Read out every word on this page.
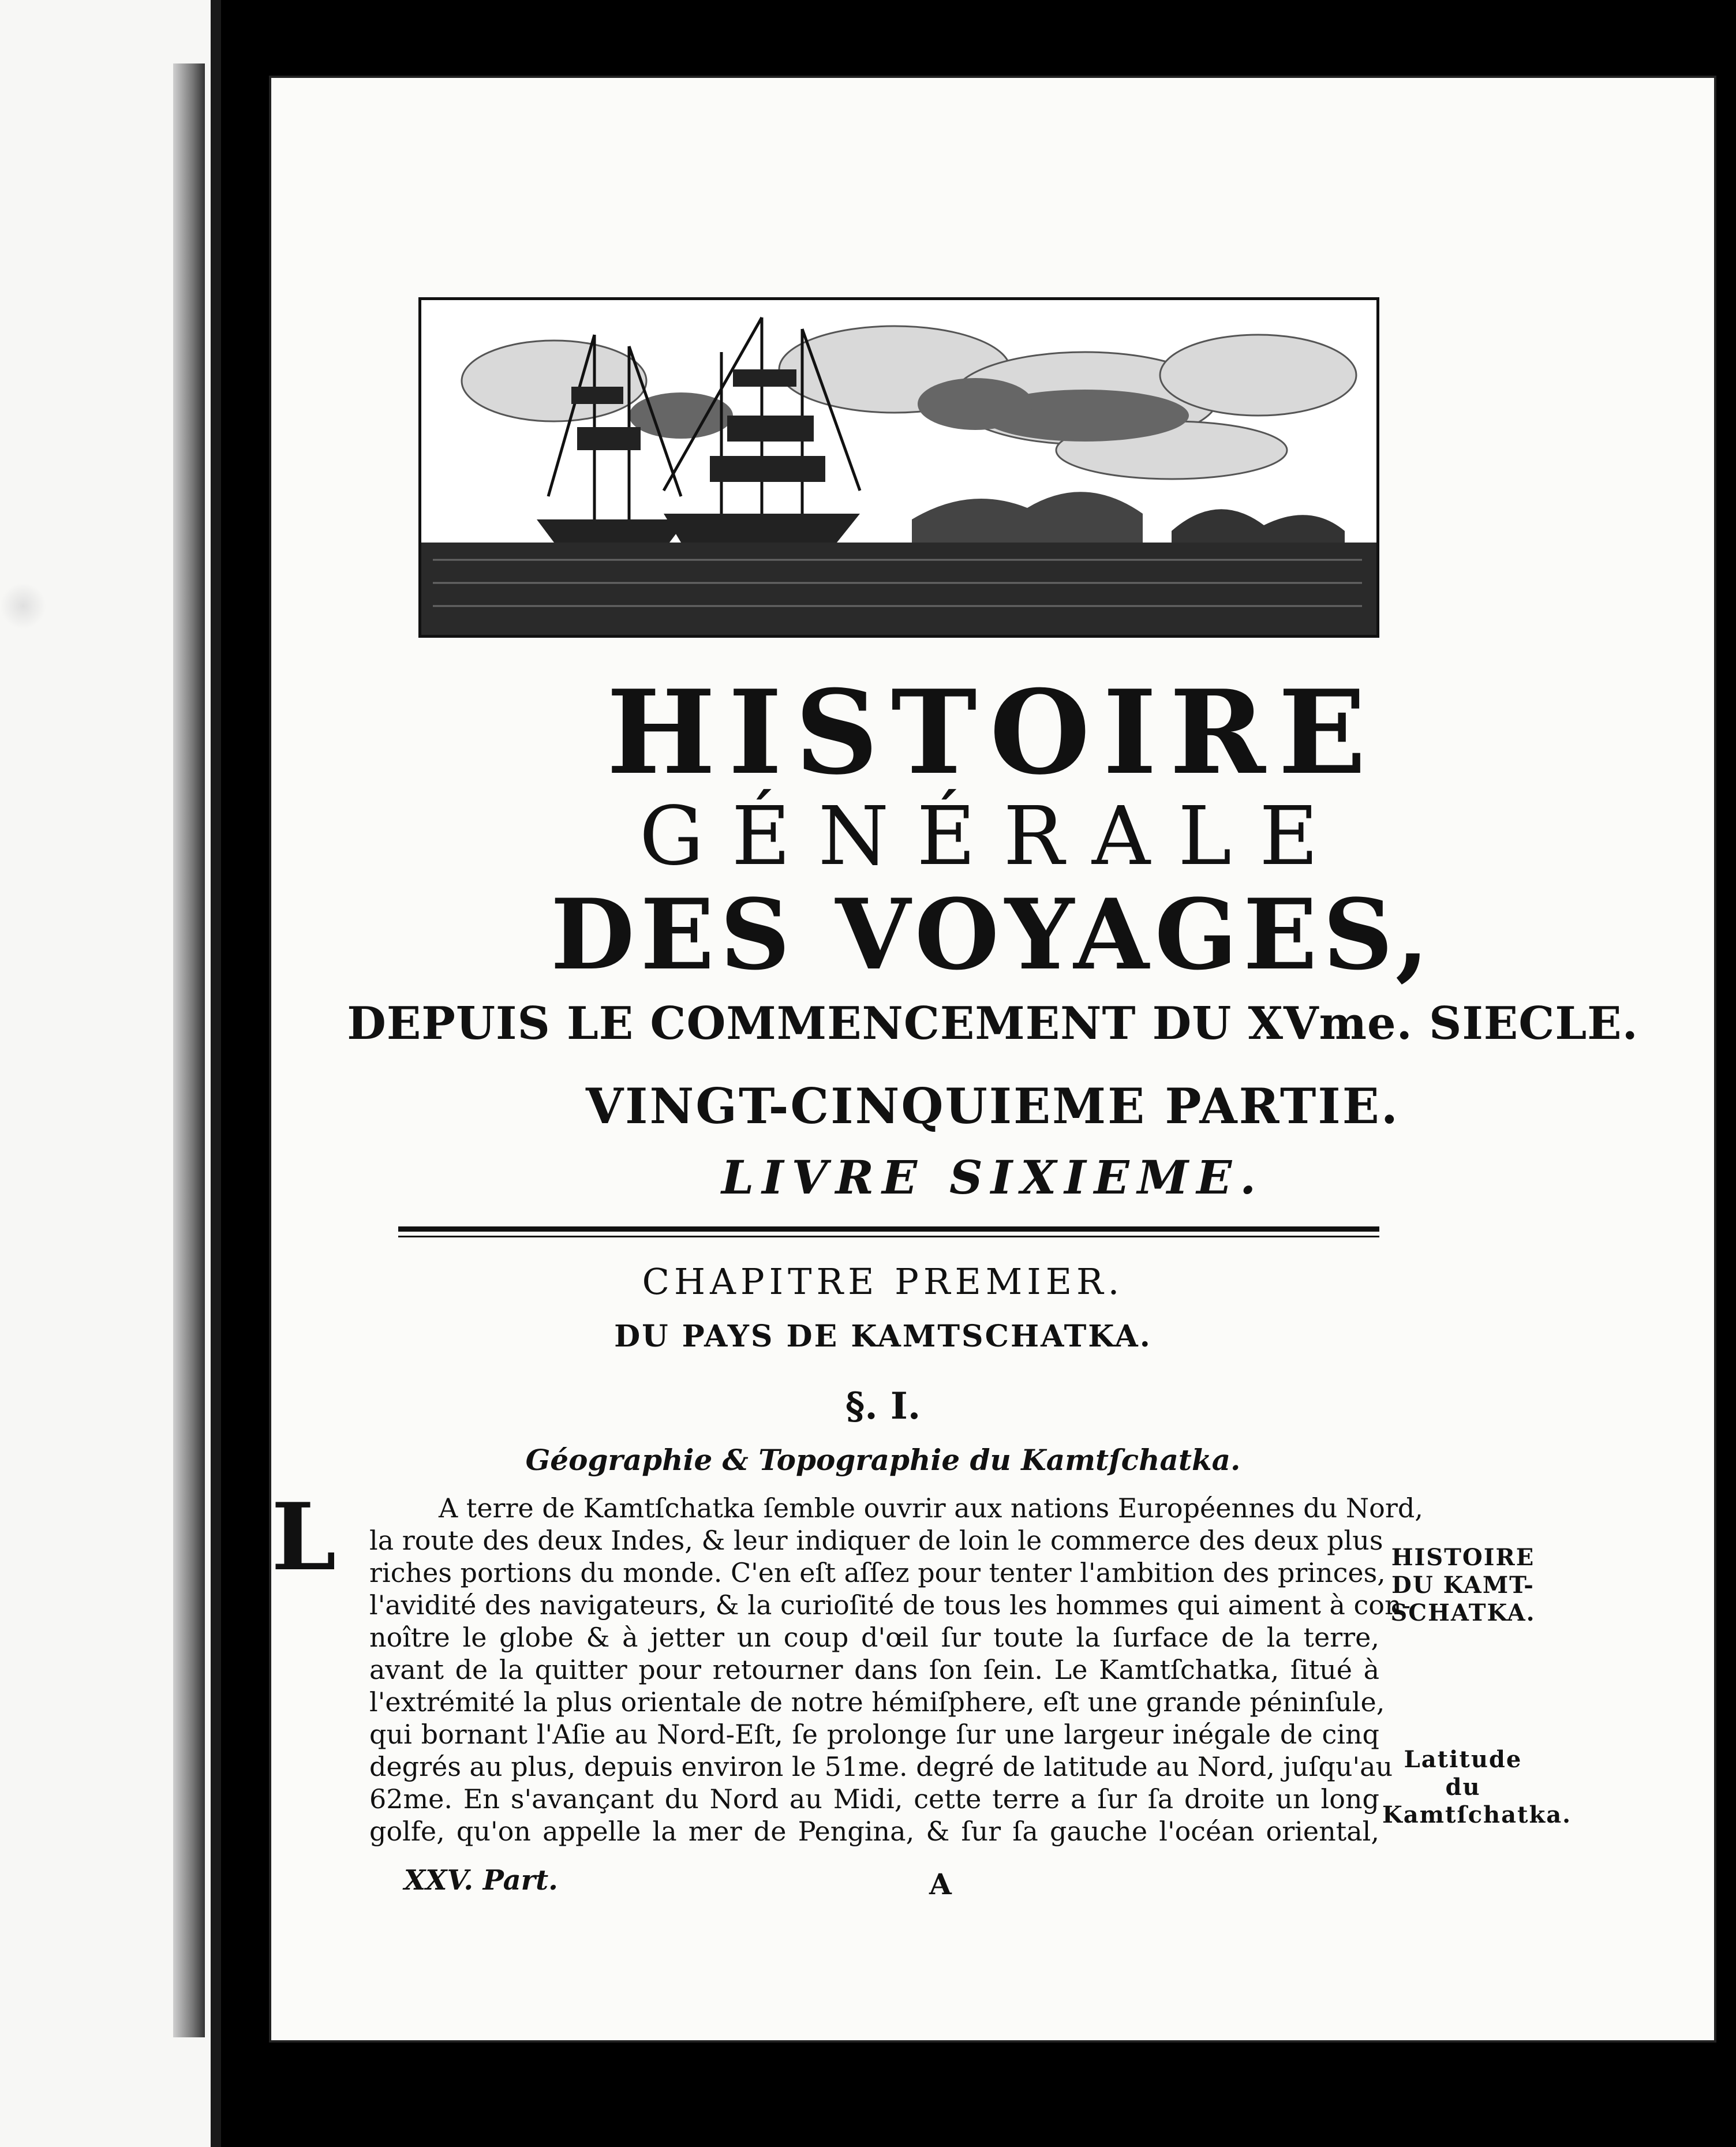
HISTOIRE
GÉNÉRALE
DES VOYAGES,
DEPUIS LE COMMENCEMENT DU XVme. SIECLE.
VINGT-CINQUIEME PARTIE.
LIVRE SIXIEME.
CHAPITRE PREMIER.
DU PAYS DE KAMTSCHATKA.
§. I.
Géographie & Topographie du Kamtſchatka.
L	A terre de Kamtſchatka ſemble ouvrir aux nations Européennes du Nord,
la route des deux Indes, & leur indiquer de loin le commerce des deux plus
riches portions du monde. C'en eſt aſſez pour tenter l'ambition des princes,
l'avidité des navigateurs, & la curioſité de tous les hommes qui aiment à con-
noître le globe & à jetter un coup d'œil ſur toute la ſurface de la terre,
avant de la quitter pour retourner dans ſon ſein. Le Kamtſchatka, ſitué à
l'extrémité la plus orientale de notre hémiſphere, eſt une grande péninſule,
qui bornant l'Aſie au Nord-Eſt, ſe prolonge ſur une largeur inégale de cinq
degrés au plus, depuis environ le 51me. degré de latitude au Nord, juſqu'au
62me. En s'avançant du Nord au Midi, cette terre a ſur ſa droite un long
golfe, qu'on appelle la mer de Pengina, & ſur ſa gauche l'océan oriental,
HISTOIRE
DU KAMT-
SCHATKA.
Latitude du
Kamtſchatka.
XXV. Part.	A
